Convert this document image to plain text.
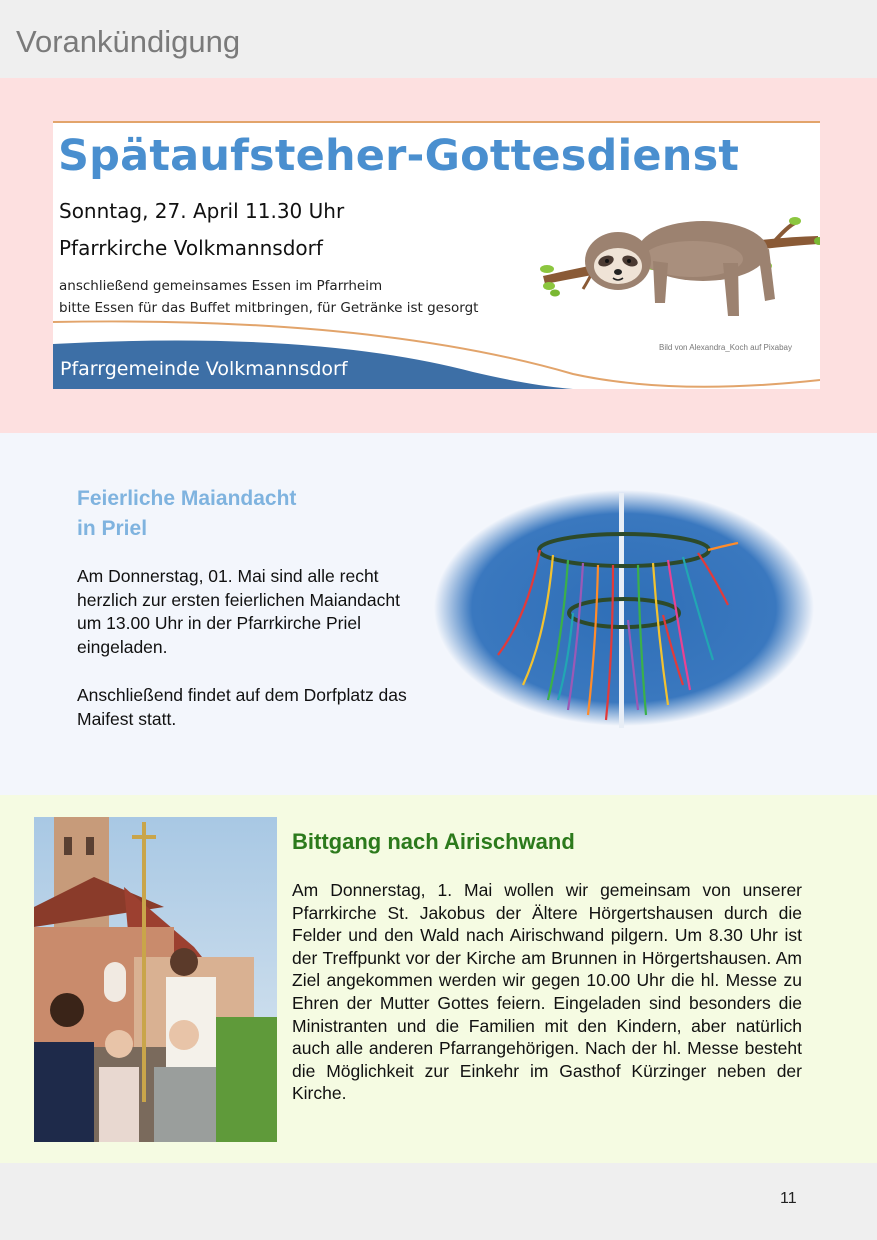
Vorankündigung
Spätaufsteher-Gottesdienst
Sonntag, 27. April 11.30 Uhr
Pfarrkirche Volkmannsdorf
anschließend gemeinsames Essen im Pfarrheim
bitte Essen für das Buffet mitbringen, für Getränke ist gesorgt
Bild von Alexandra_Koch auf Pixabay
Pfarrgemeinde Volkmannsdorf
Feierliche Maiandacht
in Priel
Am Donnerstag, 01. Mai sind alle recht herzlich zur ersten feierlichen Maiandacht um 13.00 Uhr in der Pfarrkirche Priel eingeladen.
Anschließend findet auf dem Dorfplatz das Maifest statt.
Bittgang nach Airischwand
Am Donnerstag, 1. Mai wollen wir gemeinsam von unserer Pfarrkirche St. Jakobus der Ältere Hörgertshausen durch die Felder und den Wald nach Airischwand pilgern. Um 8.30 Uhr ist der Treffpunkt vor der Kirche am Brunnen in Hörgertshausen. Am Ziel angekommen werden wir gegen 10.00 Uhr die hl. Messe zu Ehren der Mutter Gottes feiern. Eingeladen sind besonders die Ministranten und die Familien mit den Kindern, aber natürlich auch alle anderen Pfarrangehörigen. Nach der hl. Messe besteht die Möglichkeit zur Einkehr im Gasthof Kürzinger neben der Kirche.
11
